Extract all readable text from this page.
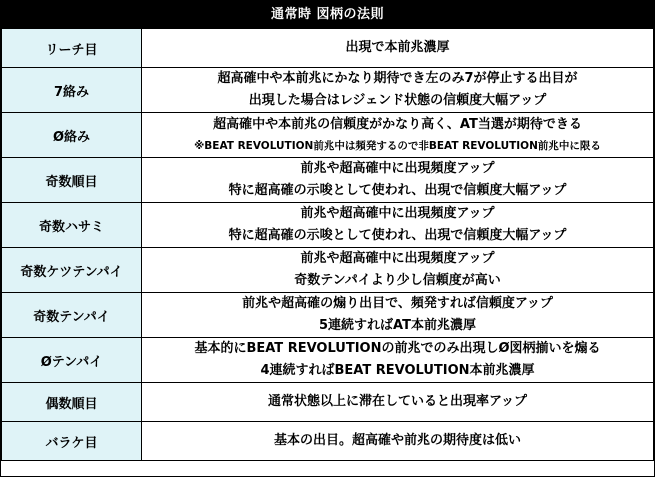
通常時 図柄の法則
リーチ目	出現で本前兆濃厚

7絡み	超高確中や本前兆にかなり期待でき左のみ7が停止する出目が
出現した場合はレジェンド状態の信頼度大幅アップ

Ø絡み	超高確中や本前兆の信頼度がかなり高く、AT当選が期待できる
※BEAT REVOLUTION前兆中は頻発するので非BEAT REVOLUTION前兆中に限る

奇数順目	前兆や超高確中に出現頻度アップ
特に超高確の示唆として使われ、出現で信頼度大幅アップ

奇数ハサミ	前兆や超高確中に出現頻度アップ
特に超高確の示唆として使われ、出現で信頼度大幅アップ

奇数ケツテンパイ	前兆や超高確中に出現頻度アップ
奇数テンパイより少し信頼度が高い

奇数テンパイ	前兆や超高確の煽り出目で、頻発すれば信頼度アップ
5連続すればAT本前兆濃厚

Øテンパイ	基本的にBEAT REVOLUTIONの前兆でのみ出現しØ図柄揃いを煽る
4連続すればBEAT REVOLUTION本前兆濃厚

偶数順目	通常状態以上に滞在していると出現率アップ

バラケ目	基本の出目。超高確や前兆の期待度は低い
